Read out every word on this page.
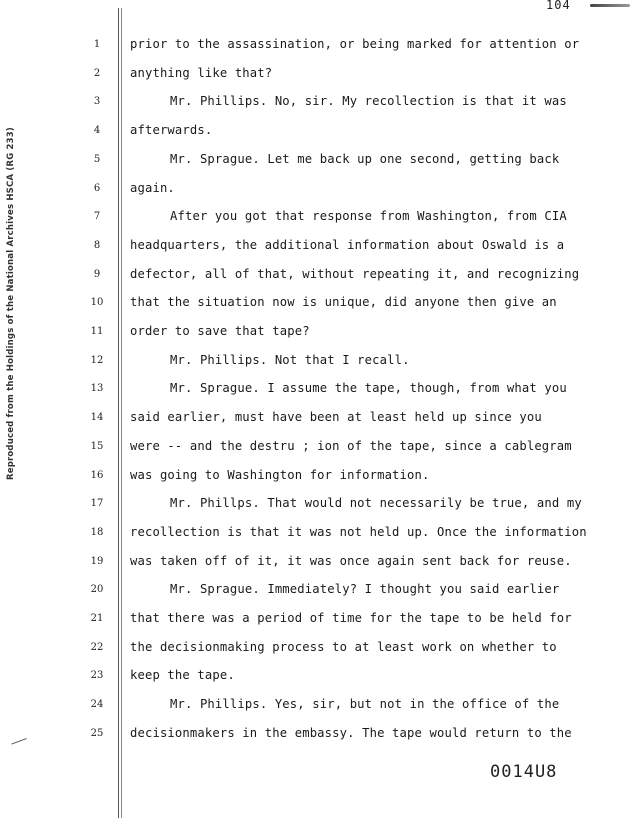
104
Reproduced from the Holdings of the National Archives HSCA (RG 233)
1	prior to the assassination, or being marked for attention or
2	anything like that?
3	Mr. Phillips. No, sir. My recollection is that it was
4	afterwards.
5	Mr. Sprague. Let me back up one second, getting back
6	again.
7	After you got that response from Washington, from CIA
8	headquarters, the additional information about Oswald is a
9	defector, all of that, without repeating it, and recognizing
10	that the situation now is unique, did anyone then give an
11	order to save that tape?
12	Mr. Phillips. Not that I recall.
13	Mr. Sprague. I assume the tape, though, from what you
14	said earlier, must have been at least held up since you
15	were -- and the destru ; ion of the tape, since a cablegram
16	was going to Washington for information.
17	Mr. Phillps. That would not necessarily be true, and my
18	recollection is that it was not held up. Once the information
19	was taken off of it, it was once again sent back for reuse.
20	Mr. Sprague. Immediately? I thought you said earlier
21	that there was a period of time for the tape to be held for
22	the decisionmaking process to at least work on whether to
23	keep the tape.
24	Mr. Phillips. Yes, sir, but not in the office of the
25	decisionmakers in the embassy. The tape would return to the
0014U8
